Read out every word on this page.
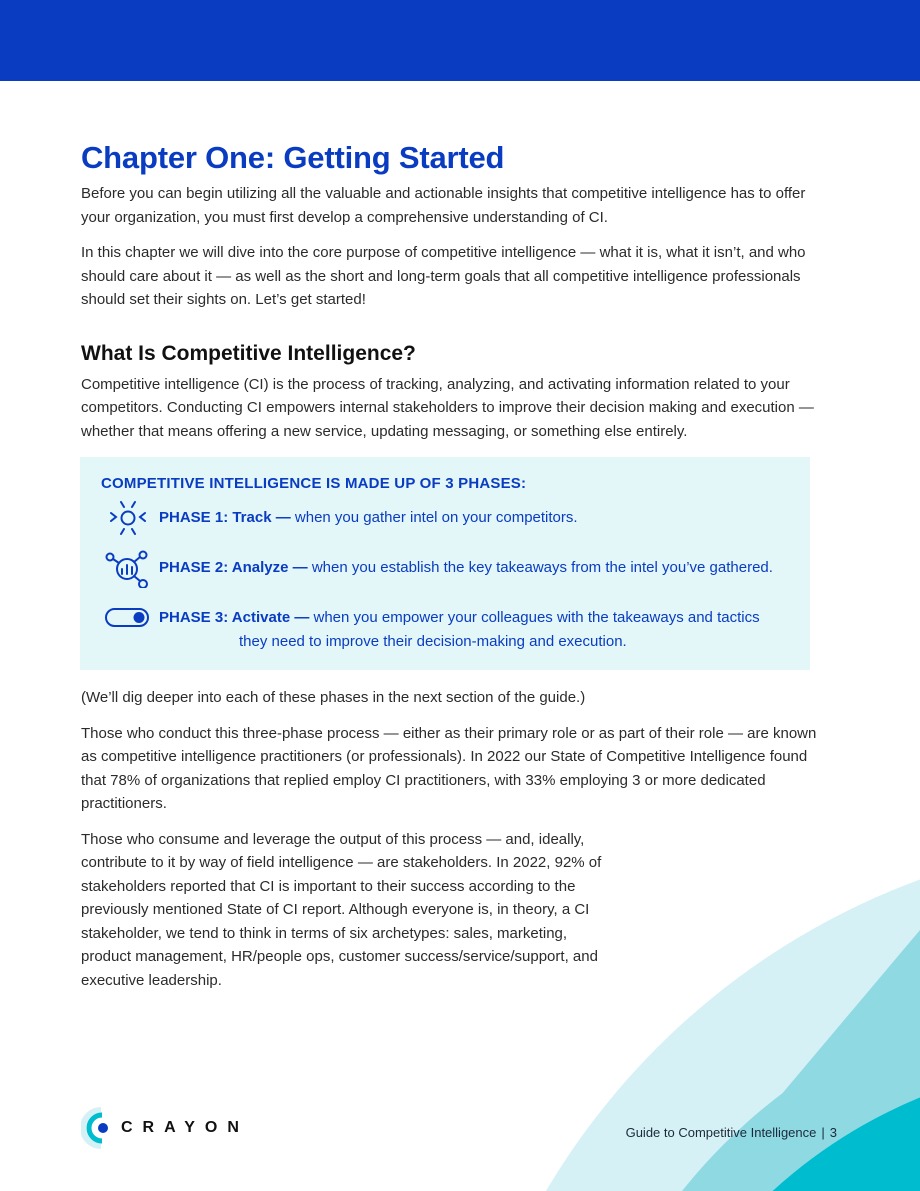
Chapter One: Getting Started

Before you can begin utilizing all the valuable and actionable insights that competitive intelligence has to offer your organization, you must first develop a comprehensive understanding of CI.

In this chapter we will dive into the core purpose of competitive intelligence — what it is, what it isn’t, and who should care about it — as well as the short and long-term goals that all competitive intelligence professionals should set their sights on. Let’s get started!

What Is Competitive Intelligence?

Competitive intelligence (CI) is the process of tracking, analyzing, and activating information related to your competitors. Conducting CI empowers internal stakeholders to improve their decision making and execution — whether that means offering a new service, updating messaging, or something else entirely.

COMPETITIVE INTELLIGENCE IS MADE UP OF 3 PHASES:
PHASE 1: Track — when you gather intel on your competitors.
PHASE 2: Analyze — when you establish the key takeaways from the intel you’ve gathered.
PHASE 3: Activate — when you empower your colleagues with the takeaways and tactics
they need to improve their decision-making and execution.

(We’ll dig deeper into each of these phases in the next section of the guide.)

Those who conduct this three-phase process — either as their primary role or as part of their role — are known as competitive intelligence practitioners (or professionals). In 2022 our State of Competitive Intelligence found that 78% of organizations that replied employ CI practitioners, with 33% employing 3 or more dedicated practitioners.

Those who consume and leverage the output of this process — and, ideally, contribute to it by way of field intelligence — are stakeholders. In 2022, 92% of stakeholders reported that CI is important to their success according to the previously mentioned State of CI report. Although everyone is, in theory, a CI stakeholder, we tend to think in terms of six archetypes: sales, marketing, product management, HR/people ops, customer success/service/support, and executive leadership.

CRAYON	Guide to Competitive Intelligence | 3
